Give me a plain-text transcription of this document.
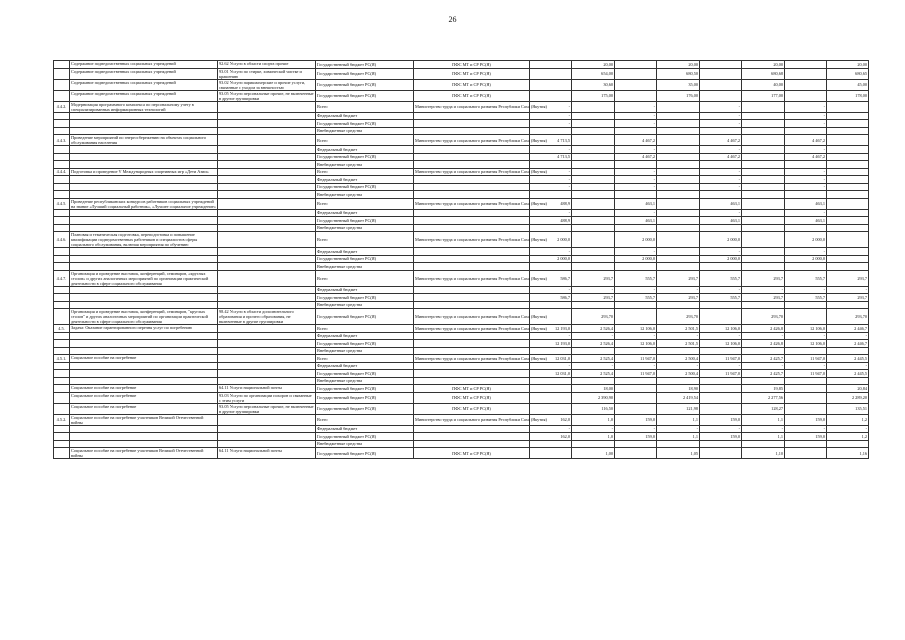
26
	Содержание подведомственных социальных учреждений	92.62 Услуги в области спорта прочие	Государственный бюджет РС(Я)	ПФС МТ и СР РС(Я)		20,00		20,00		20,00		20,00
	Содержание подведомственных социальных учреждений	93.01 Услуги по стирке, химической чистке и крашению	Государственный бюджет РС(Я)	ПФС МТ и СР РС(Я)		654,00		680,50		680,68		680,65
	Содержание подведомственных социальных учреждений	93.02 Услуги парикмахерские и прочие услуги, связанные с уходом за внешностью	Государственный бюджет РС(Я)	ПФС МТ и СР РС(Я)		30,60		35,00		40,00		45,00
	Содержание подведомственных социальных учреждений	93.05 Услуги персональные прочие, не включенные в другие группировки	Государственный бюджет РС(Я)	ПФС МТ и СР РС(Я)		175,00		176,00		177,00		178,00
4.4.2.	Модернизация программного комплекса по персональному учету в специализированных информационных технологий		Всего	Министерство труда и социального развития Республики Саха (Якутия)	-		-		-		-	
			Федеральный бюджет		-		-		-		-	
			Государственный бюджет РС(Я)		-		-		-		-	
			Внебюджетные средства									
4.4.3.	Проведение мероприятий по энергосбережению на объектах социального обслуживания населения		Всего	Министерство труда и социального развития Республики Саха (Якутия)	4 713,5		4 467,2		4 467,2		4 467,2	
			Федеральный бюджет		-		-		-		-	
			Государственный бюджет РС(Я)		4 713,5		4 467,2		4 467,2		4 467,2	
			Внебюджетные средства									
4.4.4.	Подготовка и проведение V Международных спортивных игр «Дети Азии»		Всего	Министерство труда и социального развития Республики Саха (Якутия)	-		-		-		-	
			Федеральный бюджет		-		-		-		-	
			Государственный бюджет РС(Я)		-		-		-		-	
			Внебюджетные средства									
4.4.5.	Проведение республиканских конкурсов работников социальных учреждений на звание «Лучший социальный работник», «Лучшее социальное учреждение»		Всего	Министерство труда и социального развития Республики Саха (Якутия)	488,9		463,1		463,1		463,1	
			Федеральный бюджет		-		-		-		-	
			Государственный бюджет РС(Я)		488,9		463,1		463,1		463,1	
			Внебюджетные средства									
4.4.6.	Плановая и тематическая подготовка, переподготовка и повышение квалификации подведомственных работников и специалистов сферы социального обслуживания, включая мероприятия по обучению		Всего	Министерство труда и социального развития Республики Саха (Якутия)	2 000,0		2 000,0		2 000,0		2 000,0	
			Федеральный бюджет		-		-		-		-	
			Государственный бюджет РС(Я)		2 000,0		2 000,0		2 000,0		2 000,0	
			Внебюджетные средства									
4.4.7.	Организация и проведение выставок, конференций, семинаров, «круглых столов» и других аналогичных мероприятий по организации практической деятельности в сфере социального обслуживания		Всего	Министерство труда и социального развития Республики Саха (Якутия)	586,7	293,7	555,7	293,7	555,7	293,7	555,7	293,7
			Федеральный бюджет		-	-	-	-	-	-	-	-
			Государственный бюджет РС(Я)		586,7	293,7	555,7	293,7	555,7	293,7	555,7	293,7
			Внебюджетные средства									
	Организация и проведение выставок, конференций, семинаров, "круглых столов" и других аналогичных мероприятий по организации практической деятельности в сфере социального обслуживания	98.42 Услуги в области дополнительного образования и прочего образования, не включенные в другие группировки	Государственный бюджет РС(Я)	Министерство труда и социального развития Республики Саха (Якутия)		293,70		293,70		293,70		293,70
4.5.	Задача: Оказание гарантированного перечня услуг по погребению		Всего	Министерство труда и социального развития Республики Саха (Якутия)	12 193,0	2 526,4	12 106,0	2 501,5	12 106,0	2 426,8	12 106,0	2 446,7
			Федеральный бюджет		-	-	-	-	-	-	-	-
			Государственный бюджет РС(Я)		12 193,0	2 526,4	12 106,0	2 501,5	12 106,0	2 426,8	12 106,0	2 446,7
			Внебюджетные средства									
4.5.1.	Социальное пособие на погребение		Всего	Министерство труда и социального развития Республики Саха (Якутия)	12 031,0	2 525,4	11 947,0	2 500,4	11 947,0	2 425,7	11 947,0	2 445,5
			Федеральный бюджет		-	-	-	-	-	-	-	-
			Государственный бюджет РС(Я)		12 031,0	2 525,4	11 947,0	2 500,4	11 947,0	2 425,7	11 947,0	2 445,5
			Внебюджетные средства									
	Социальное пособие на погребение	64.11 Услуги национальной почты	Государственный бюджет РС(Я)	ПФС МТ и СР РС(Я)		18,00		18,90		19,85		20,84
	Социальное пособие на погребение	93.03 Услуги по организации похорон и связанные с этим услуги	Государственный бюджет РС(Я)	ПФС МТ и СР РС(Я)		2 390,90		2 419,54		2 277,56		2 289,20
	Социальное пособие на погребение	93.05 Услуги персональные прочие, не включенные в другие группировки	Государственный бюджет РС(Я)	ПФС МТ и СР РС(Я)		116,50		121,98		128,27		135,51
4.5.2.	Социальное пособие на погребение участников Великой Отечественной войны		Всего	Министерство труда и социального развития Республики Саха (Якутия)	162,0	1,0	159,0	1,1	159,0	1,1	159,0	1,2
			Федеральный бюджет		-	-	-	-	-	-	-	-
			Государственный бюджет РС(Я)		162,0	1,0	159,0	1,1	159,0	1,1	159,0	1,2
			Внебюджетные средства									
	Социальное пособие на погребение участников Великой Отечественной войны	64.11 Услуги национальной почты	Государственный бюджет РС(Я)	ПФС МТ и СР РС(Я)		1,00		1,05		1,10		1,16
